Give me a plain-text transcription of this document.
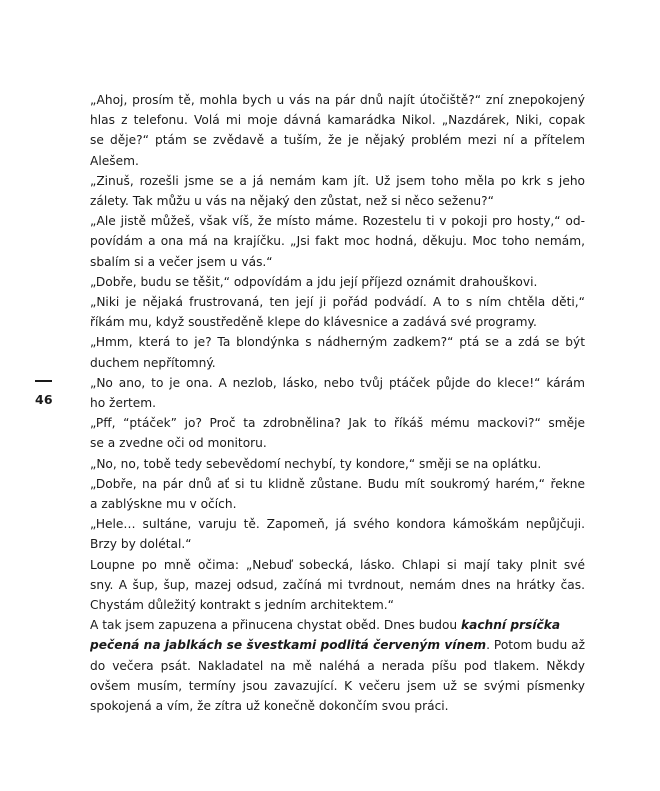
46
„Ahoj, prosím tě, mohla bych u vás na pár dnů najít útočiště?“ zní znepokojený
hlas z telefonu. Volá mi moje dávná kamarádka Nikol. „Nazdárek, Niki, copak
se děje?“ ptám se zvědavě a tuším, že je nějaký problém mezi ní a přítelem
Alešem.
„Zinuš, rozešli jsme se a já nemám kam jít. Už jsem toho měla po krk s jeho
zálety. Tak můžu u vás na nějaký den zůstat, než si něco seženu?“
„Ale jistě můžeš, však víš, že místo máme. Rozestelu ti v pokoji pro hosty,“ od-
povídám a ona má na krajíčku. „Jsi fakt moc hodná, děkuju. Moc toho nemám,
sbalím si a večer jsem u vás.“
„Dobře, budu se těšit,“ odpovídám a jdu její příjezd oznámit drahouškovi.
„Niki je nějaká frustrovaná, ten její ji pořád podvádí. A to s ním chtěla děti,“
říkám mu, když soustředěně klepe do klávesnice a zadává své programy.
„Hmm, která to je? Ta blondýnka s nádherným zadkem?“ ptá se a zdá se být
duchem nepřítomný.
„No ano, to je ona. A nezlob, lásko, nebo tvůj ptáček půjde do klece!“ kárám
ho žertem.
„Pff, “ptáček” jo? Proč ta zdrobnělina? Jak to říkáš mému mackovi?“ směje
se a zvedne oči od monitoru.
„No, no, tobě tedy sebevědomí nechybí, ty kondore,“ směji se na oplátku.
„Dobře, na pár dnů ať si tu klidně zůstane. Budu mít soukromý harém,“ řekne
a zablýskne mu v očích.
„Hele… sultáne, varuju tě. Zapomeň, já svého kondora kámoškám nepůjčuji.
Brzy by dolétal.“
Loupne po mně očima: „Nebuď sobecká, lásko. Chlapi si mají taky plnit své
sny. A šup, šup, mazej odsud, začíná mi tvrdnout, nemám dnes na hrátky čas.
Chystám důležitý kontrakt s jedním architektem.“
A tak jsem zapuzena a přinucena chystat oběd. Dnes budou kachní prsíčka
pečená na jablkách se švestkami podlitá červeným vínem. Potom budu až
do večera psát. Nakladatel na mě naléhá a nerada píšu pod tlakem. Někdy
ovšem musím, termíny jsou zavazující. K večeru jsem už se svými písmenky
spokojená a vím, že zítra už konečně dokončím svou práci.
